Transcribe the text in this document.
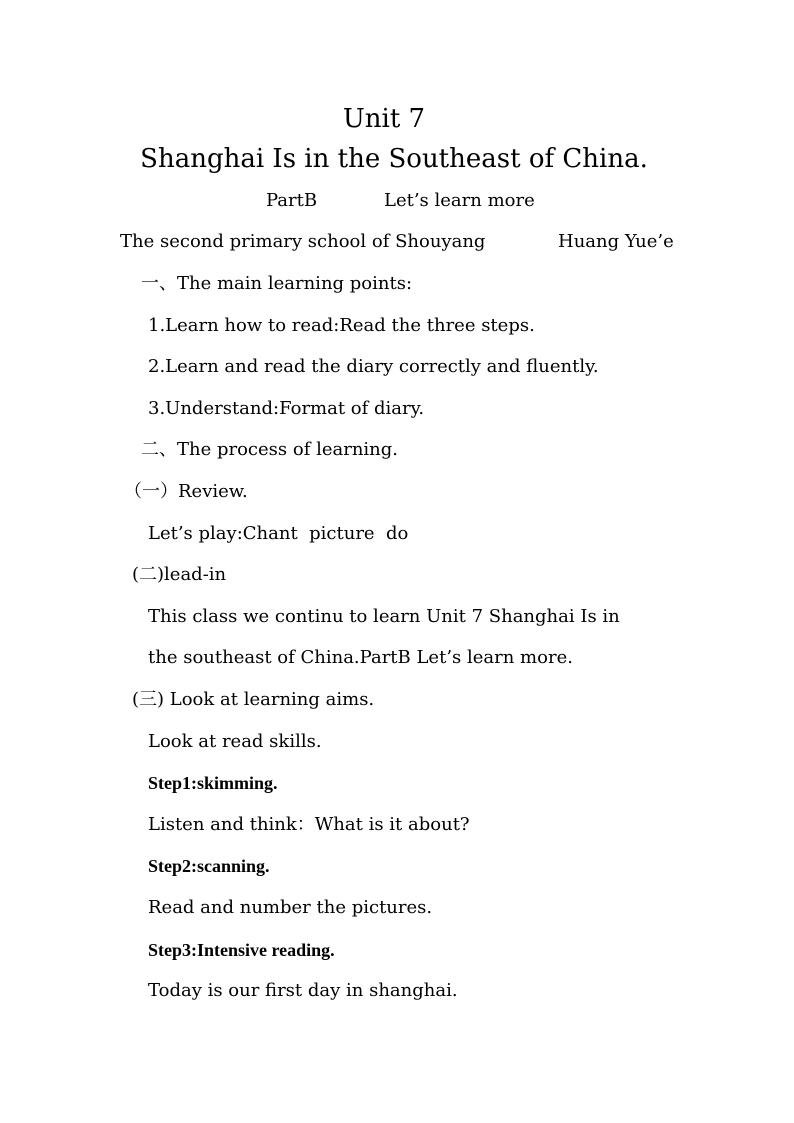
Unit 7
Shanghai Is in the Southeast of China.
PartB	Let’s learn more
The second primary school of Shouyang	Huang Yue’e
一、The main learning points:
1.Learn how to read:Read the three steps.
2.Learn and read the diary correctly and fluently.
3.Understand:Format of diary.
二、The process of learning.
（一）Review.
Let’s play:Chant  picture  do
(二)lead-in
This class we continu to learn Unit 7 Shanghai Is in
the southeast of China.PartB Let’s learn more.
(三) Look at learning aims.
Look at read skills.
Step1:skimming.
Listen and think：What is it about?
Step2:scanning.
Read and number the pictures.
Step3:Intensive reading.
Today is our first day in shanghai.
